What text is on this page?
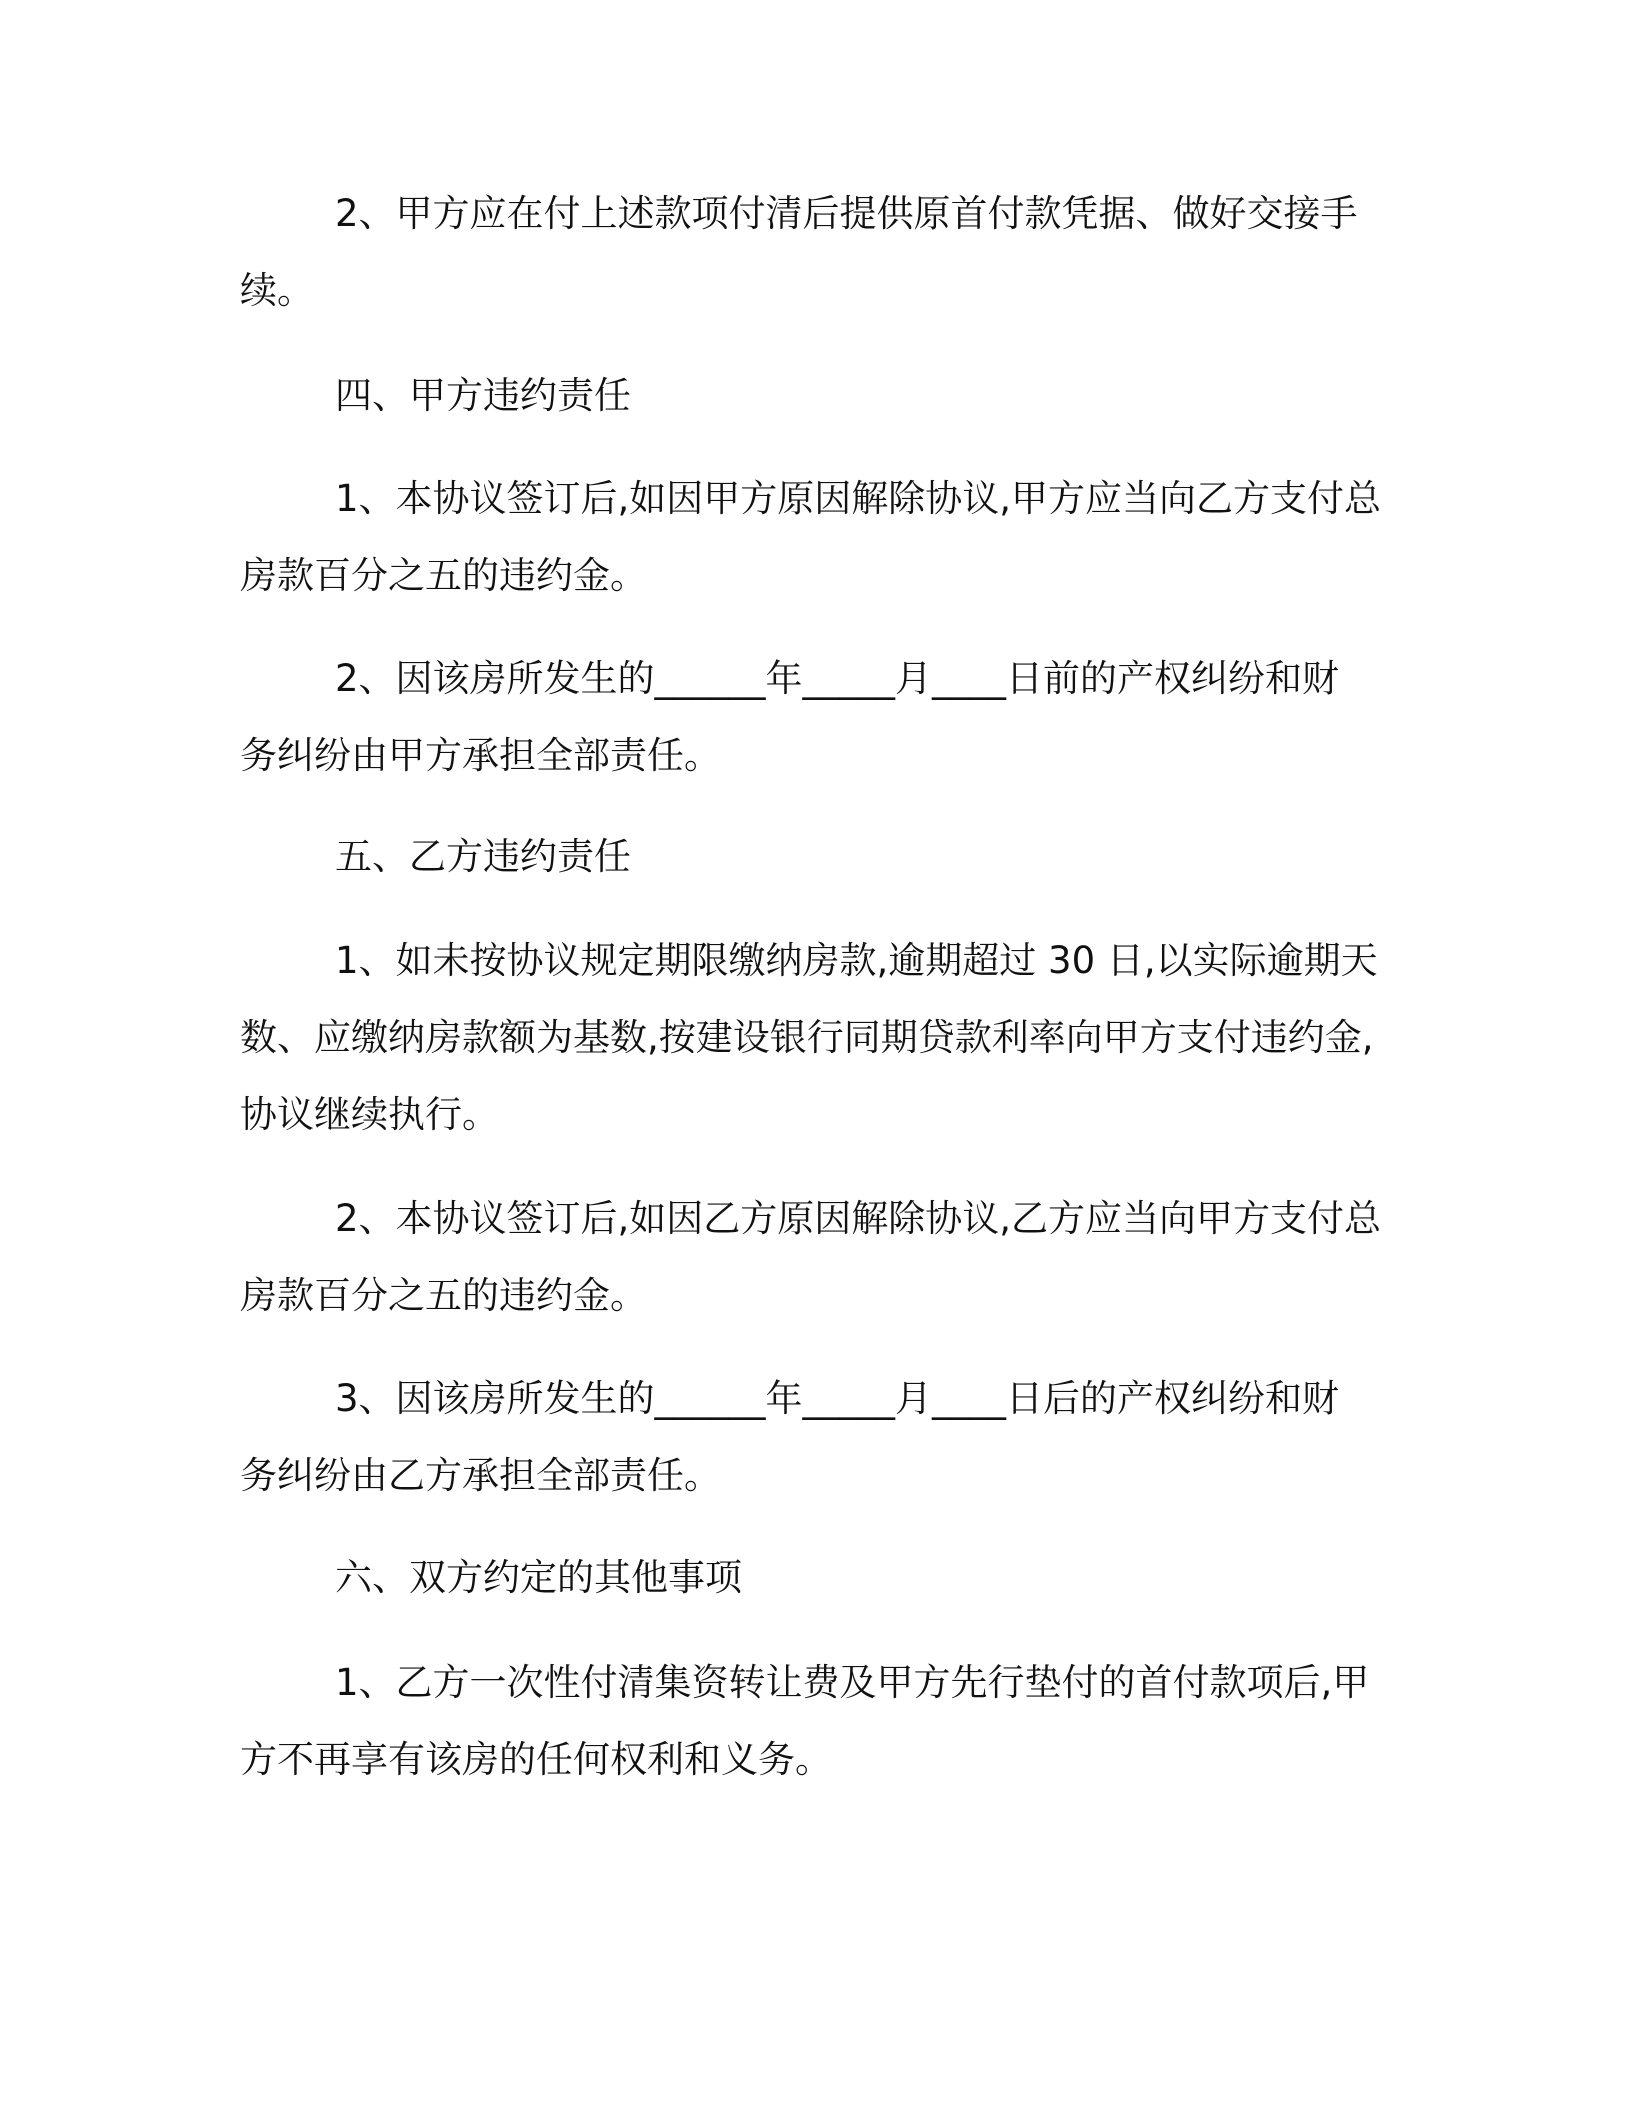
2、甲方应在付上述款项付清后提供原首付款凭据、做好交接手
续。
四、甲方违约责任
1、本协议签订后,如因甲方原因解除协议,甲方应当向乙方支付总
房款百分之五的违约金。
2、因该房所发生的______年_____月____日前的产权纠纷和财
务纠纷由甲方承担全部责任。
五、乙方违约责任
1、如未按协议规定期限缴纳房款,逾期超过 30 日,以实际逾期天
数、应缴纳房款额为基数,按建设银行同期贷款利率向甲方支付违约金,
协议继续执行。
2、本协议签订后,如因乙方原因解除协议,乙方应当向甲方支付总
房款百分之五的违约金。
3、因该房所发生的______年_____月____日后的产权纠纷和财
务纠纷由乙方承担全部责任。
六、双方约定的其他事项
1、乙方一次性付清集资转让费及甲方先行垫付的首付款项后,甲
方不再享有该房的任何权利和义务。
